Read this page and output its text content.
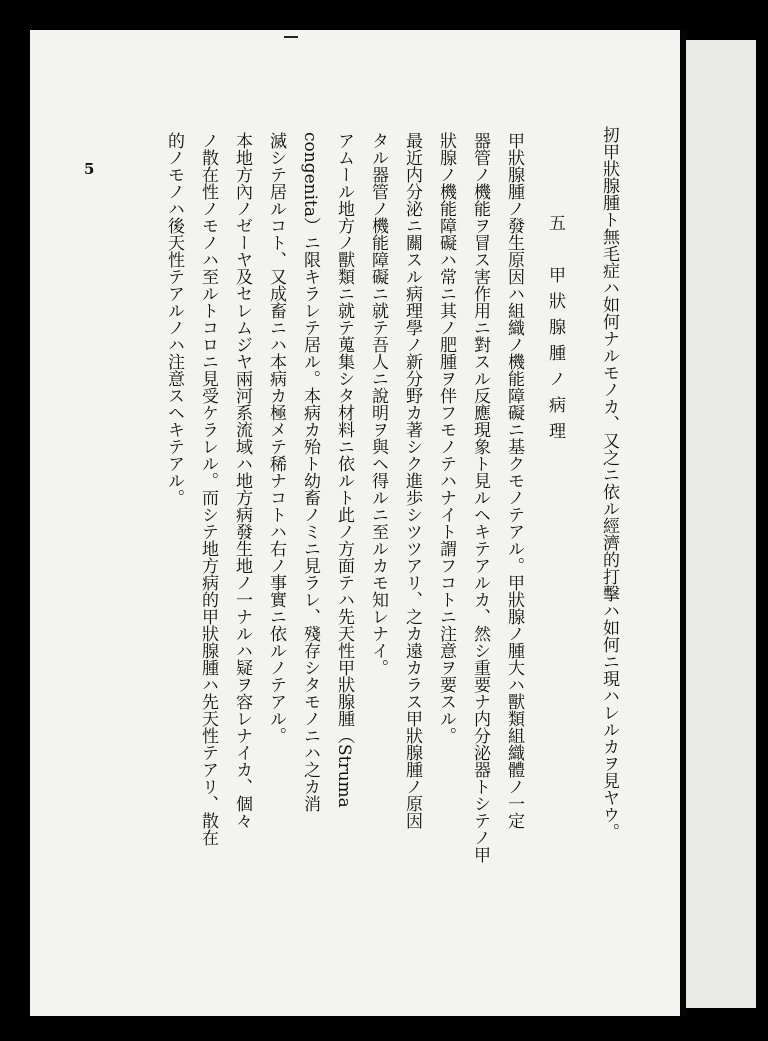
5	扨甲狀腺腫ト無毛症ハ如何ナルモノカ、又之ニ依ル經濟的打擊ハ如何ニ現ハレルカヲ見ヤウ。
五　甲狀腺腫ノ病理
甲狀腺腫ノ發生原因ハ組織ノ機能障礙ニ基クモノテアル。甲狀腺ノ腫大ハ獸類組織體ノ一定
器管ノ機能ヲ冒ス害作用ニ對スル反應現象ト見ルヘキテアルカ、然シ重要ナ内分泌器トシテノ甲
狀腺ノ機能障礙ハ常ニ其ノ肥腫ヲ伴フモノテハナイト謂フコトニ注意ヲ要スル。
最近内分泌ニ關スル病理學ノ新分野カ著シク進歩シツツアリ、之カ遠カラス甲狀腺腫ノ原因
タル器管ノ機能障礙ニ就テ吾人ニ說明ヲ與ヘ得ルニ至ルカモ知レナイ。
アムール地方ノ獸類ニ就テ蒐集シタ材料ニ依ルト此ノ方面テハ先天性甲狀腺腫（Struma
congenita）ニ限キラレテ居ル。本病カ殆ト幼畜ノミニ見ラレ、殘存シタモノニハ之カ消
滅シテ居ルコト、又成畜ニハ本病カ極メテ稀ナコトハ右ノ事實ニ依ルノテアル。
本地方內ノゼーヤ及セレムジヤ兩河系流域ハ地方病發生地ノ一ナルハ疑ヲ容レナイカ、個々
ノ散在性ノモノハ至ルトコロニ見受ケラレル。而シテ地方病的甲狀腺腫ハ先天性テアリ、散在
的ノモノハ後天性テアルノハ注意スヘキテアル。
